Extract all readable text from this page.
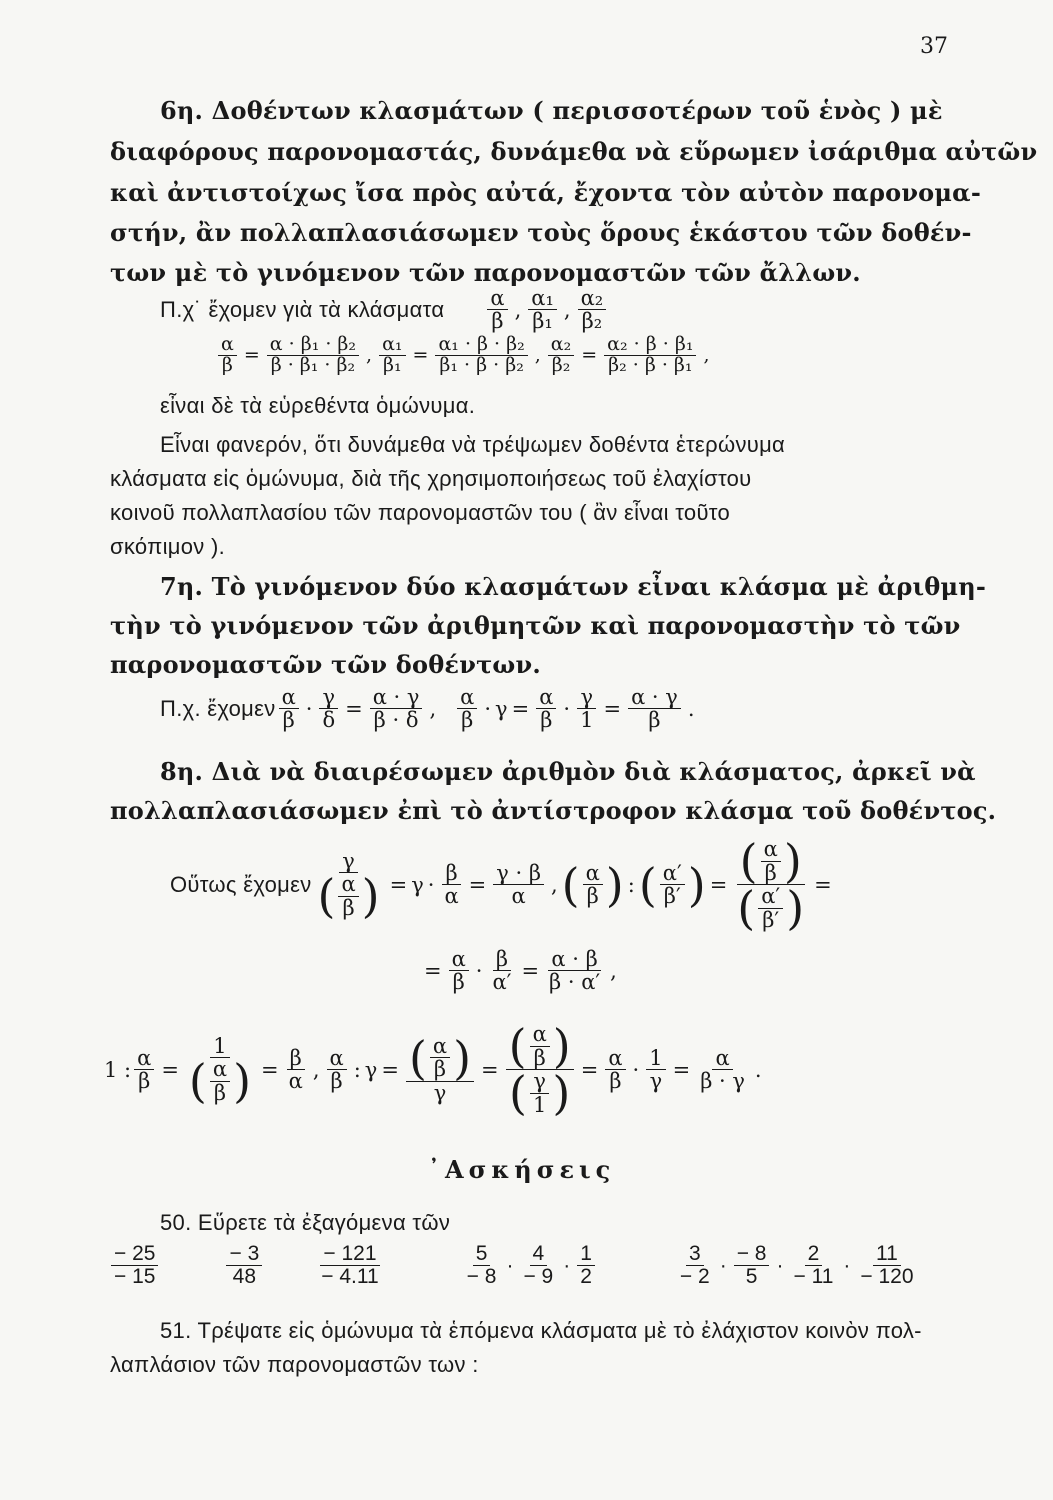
37
6η. Δοθέντων κλασμάτων ( περισσοτέρων τοῦ ἑνὸς ) μὲ
διαφόρους παρονομαστάς, δυνάμεθα νὰ εὕρωμεν ἰσάριθμα αὐτῶν
καὶ ἀντιστοίχως ἴσα πρὸς αὐτά, ἔχοντα τὸν αὐτὸν παρονομα-
στήν, ἂν πολλαπλασιάσωμεν τοὺς ὅρους ἑκάστου τῶν δοθέν-
των μὲ τὸ γινόμενον τῶν παρονομαστῶν τῶν ἄλλων.
Π.χ˙ ἔχομεν γιὰ τὰ κλάσματα $\frac{\alpha}{\beta}$ , $\frac{\text{α₁}}{\text{β₁}}$ , $\frac{\text{α₂}}{\text{β₂}}$
$\frac{\alpha}{\beta} = \frac{\text{α · β₁ · β₂}}{\text{β · β₁ · β₂}}$ , $\frac{\text{α₁}}{\text{β₁}} = \frac{\text{α₁ · β · β₂}}{\text{β₁ · β · β₂}}$ , $\frac{\text{α₂}}{\text{β₂}} = \frac{\text{α₂ · β · β₁}}{\text{β₂ · β · β₁}}$ ,
εἶναι δὲ τὰ εὑρεθέντα ὁμώνυμα.
Εἶναι φανερόν, ὅτι δυνάμεθα νὰ τρέψωμεν δοθέντα ἑτερώνυμα
κλάσματα εἰς ὁμώνυμα, διὰ τῆς χρησιμοποιήσεως τοῦ ἐλαχίστου
κοινοῦ πολλαπλασίου τῶν παρονομαστῶν του ( ἂν εἶναι τοῦτο
σκόπιμον ).
7η. Τὸ γινόμενον δύο κλασμάτων εἶναι κλάσμα μὲ ἀριθμη-
τὴν τὸ γινόμενον τῶν ἀριθμητῶν καὶ παρονομαστὴν τὸ τῶν
παρονομαστῶν τῶν δοθέντων.
Π.χ. ἔχομεν $\frac{\alpha}{\beta} \cdot \frac{\gamma}{\delta} = \frac{\alpha \cdot \gamma}{\beta \cdot \delta}$ , $\frac{\alpha}{\beta} \cdot \gamma = \frac{\alpha}{\beta} \cdot \frac{\gamma}{1} = \frac{\alpha \cdot \gamma}{\beta}$ .
8η. Διὰ νὰ διαιρέσωμεν ἀριθμὸν διὰ κλάσματος, ἀρκεῖ νὰ
πολλαπλασιάσωμεν ἐπὶ τὸ ἀντίστροφον κλάσμα τοῦ δοθέντος.
Οὕτως ἔχομεν $\frac{\gamma}{( \frac{\alpha}{\beta} )} = \gamma \cdot \frac{\beta}{\alpha} = \frac{\gamma \cdot \beta}{\alpha}$ , ( $\frac{\alpha}{\beta}$ ) : ( $\frac{\alpha'}{\beta'}$ ) = $\frac{( \frac{\alpha}{\beta} )}{( \frac{\alpha'}{\beta'} )}$ =
= $\frac{\alpha}{\beta} \cdot \frac{\beta}{\alpha'} = \frac{\alpha \cdot \beta}{\beta \cdot \alpha'}$ ,
1 : $\frac{\alpha}{\beta} = \frac{1}{( \frac{\alpha}{\beta} )} = \frac{\beta}{\alpha}$ , $\frac{\alpha}{\beta}$ : $\gamma = \frac{( \frac{\alpha}{\beta} )}{\gamma} = \frac{( \frac{\alpha}{\beta} )}{( \frac{\gamma}{1} )} = \frac{\alpha}{\beta} \cdot \frac{1}{\gamma} = \frac{\alpha}{\beta \cdot \gamma}$ .
᾿Ασκήσεις
50. Εὕρετε τὰ ἐξαγόμενα τῶν
$\frac{- 25}{- 15}$	$\frac{- 3}{48}$	$\frac{- 121}{- 4.11}$	$\frac{5}{- 8} \cdot \frac{4}{- 9} \cdot \frac{1}{2}$	$\frac{3}{- 2} \cdot \frac{- 8}{5} \cdot \frac{2}{- 11} \cdot \frac{11}{- 120}$
51. Τρέψατε εἰς ὁμώνυμα τὰ ἑπόμενα κλάσματα μὲ τὸ ἐλάχιστον κοινὸν πολ-
λαπλάσιον τῶν παρονομαστῶν των :
